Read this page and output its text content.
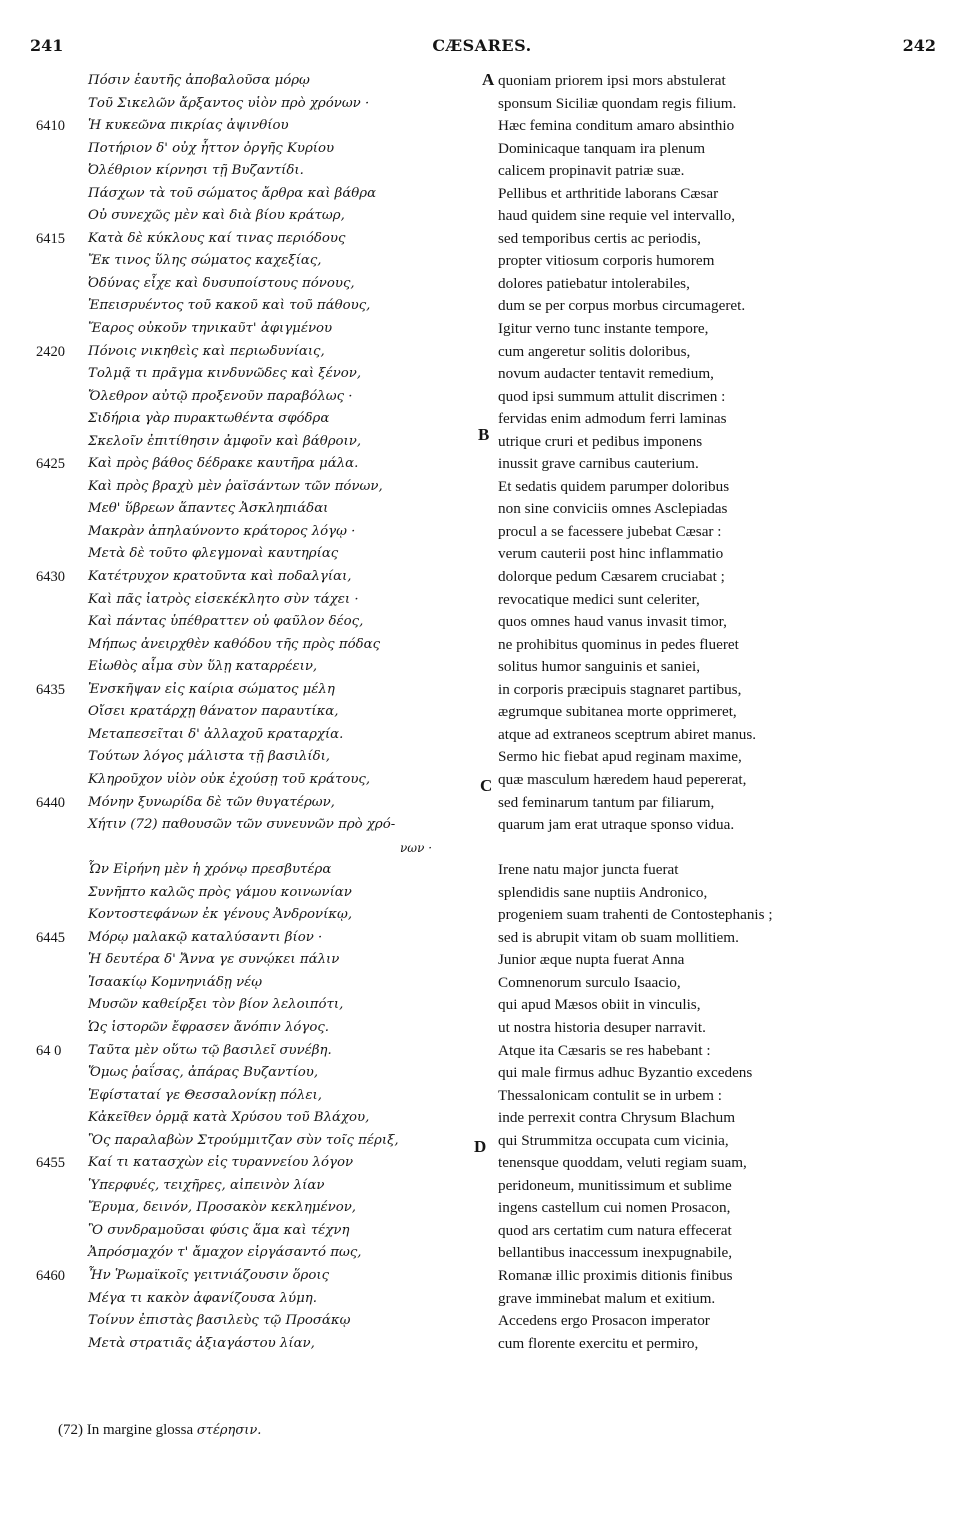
241	CÆSARES.	242
A
B
C
D
Πόσιν ἑαυτῆς ἀποβαλοῦσα μόρῳ
Τοῦ Σικελῶν ἄρξαντος υἱὸν πρὸ χρόνων ·
6410	Ἡ κυκεῶνα πικρίας ἀψινθίου
Ποτήριον δ' οὐχ ἧττον ὀργῆς Κυρίου
Ὀλέθριον κίρνησι τῇ Βυζαντίδι.
Πάσχων τὰ τοῦ σώματος ἄρθρα καὶ βάθρα
Οὐ συνεχῶς μὲν καὶ διὰ βίου κράτωρ,
6415	Κατὰ δὲ κύκλους καί τινας περιόδους
Ἔκ τινος ὕλης σώματος καχεξίας,
Ὀδύνας εἶχε καὶ δυσυποίστους πόνους,
Ἐπεισρυέντος τοῦ κακοῦ καὶ τοῦ πάθους,
Ἔαρος οὐκοῦν τηνικαῦτ' ἀφιγμένου
2420	Πόνοις νικηθεὶς καὶ περιωδυνίαις,
Τολμᾷ τι πρᾶγμα κινδυνῶδες καὶ ξένον,
Ὄλεθρον αὐτῷ προξενοῦν παραβόλως ·
Σιδήρια γὰρ πυρακτωθέντα σφόδρα
Σκελοῖν ἐπιτίθησιν ἀμφοῖν καὶ βάθροιν,
6425	Καὶ πρὸς βάθος δέδρακε καυτῆρα μάλα.
Καὶ πρὸς βραχὺ μὲν ῥαϊσάντων τῶν πόνων,
Μεθ' ὕβρεων ἅπαντες Ἀσκληπιάδαι
Μακρὰν ἀπηλαύνοντο κράτορος λόγῳ ·
Μετὰ δὲ τοῦτο φλεγμοναὶ καυτηρίας
6430	Κατέτρυχον κρατοῦντα καὶ ποδαλγίαι,
Καὶ πᾶς ἰατρὸς εἰσεκέκλητο σὺν τάχει ·
Καὶ πάντας ὑπέθραττεν οὐ φαῦλον δέος,
Μήπως ἀνειρχθὲν καθόδου τῆς πρὸς πόδας
Εἰωθὸς αἷμα σὺν ὕλῃ καταρρέειν,
6435	Ἐνσκῆψαν εἰς καίρια σώματος μέλη
Οἴσει κρατάρχῃ θάνατον παραυτίκα,
Μεταπεσεῖται δ' ἀλλαχοῦ κραταρχία.
Τούτων λόγος μάλιστα τῇ βασιλίδι,
Κληροῦχον υἱὸν οὐκ ἐχούσῃ τοῦ κράτους,
6440	Μόνην ξυνωρίδα δὲ τῶν θυγατέρων,
Χήτιν (72) παθουσῶν τῶν συνευνῶν πρὸ χρό-
νων ·
Ὧν Εἰρήνη μὲν ἡ χρόνῳ πρεσβυτέρα
Συνῆπτο καλῶς πρὸς γάμου κοινωνίαν
Κοντοστεφάνων ἐκ γένους Ἀνδρονίκῳ,
6445	Μόρῳ μαλακῷ καταλύσαντι βίον ·
Ἡ δευτέρα δ' Ἄννα γε συνῴκει πάλιν
Ἰσαακίῳ Κομνηνιάδῃ νέῳ
Μυσῶν καθείρξει τὸν βίον λελοιπότι,
Ὡς ἱστορῶν ἔφρασεν ἄνόπιν λόγος.
64 0	Ταῦτα μὲν οὕτω τῷ βασιλεῖ συνέβη.
Ὅμως ῥαΐσας, ἀπάρας Βυζαντίου,
Ἐφίσταταί γε Θεσσαλονίκῃ πόλει,
Κἀκεῖθεν ὁρμᾷ κατὰ Χρύσου τοῦ Βλάχου,
Ὃς παραλαβὼν Στρούμμιτζαν σὺν τοῖς πέριξ,
6455	Καί τι κατασχὼν εἰς τυραννείου λόγον
Ὑπερφυές, τειχῆρες, αἰπεινὸν λίαν
Ἔρυμα, δεινόν, Προσακὸν κεκλημένον,
Ὃ συνδραμοῦσαι φύσις ἅμα καὶ τέχνη
Ἀπρόσμαχόν τ' ἄμαχον εἰργάσαντό πως,
6460	Ἦν Ῥωμαϊκοῖς γειτνιάζουσιν ὅροις
Μέγα τι κακὸν ἀφανίζουσα λύμη.
Τοίνυν ἐπιστὰς βασιλεὺς τῷ Προσάκῳ
Μετὰ στρατιᾶς ἀξιαγάστου λίαν,
quoniam priorem ipsi mors abstulerat
sponsum Siciliæ quondam regis filium.
Hæc femina conditum amaro absinthio
Dominicaque tanquam ira plenum
calicem propinavit patriæ suæ.
Pellibus et arthritide laborans Cæsar
haud quidem sine requie vel intervallo,
sed temporibus certis ac periodis,
propter vitiosum corporis humorem
dolores patiebatur intolerabiles,
dum se per corpus morbus circumageret.
Igitur verno tunc instante tempore,
cum angeretur solitis doloribus,
novum audacter tentavit remedium,
quod ipsi summum attulit discrimen :
fervidas enim admodum ferri laminas
utrique cruri et pedibus imponens
inussit grave carnibus cauterium.
Et sedatis quidem parumper doloribus
non sine conviciis omnes Asclepiadas
procul a se facessere jubebat Cæsar :
verum cauterii post hinc inflammatio
dolorque pedum Cæsarem cruciabat ;
revocatique medici sunt celeriter,
quos omnes haud vanus invasit timor,
ne prohibitus quominus in pedes flueret
solitus humor sanguinis et saniei,
in corporis præcipuis stagnaret partibus,
ægrumque subitanea morte opprimeret,
atque ad extraneos sceptrum abiret manus.
Sermo hic fiebat apud reginam maxime,
quæ masculum hæredem haud pepererat,
sed feminarum tantum par filiarum,
quarum jam erat utraque sponso vidua.
Irene natu major juncta fuerat
splendidis sane nuptiis Andronico,
progeniem suam trahenti de Contostephanis ;
sed is abrupit vitam ob suam mollitiem.
Junior æque nupta fuerat Anna
Comnenorum surculo Isaacio,
qui apud Mæsos obiit in vinculis,
ut nostra historia desuper narravit.
Atque ita Cæsaris se res habebant :
qui male firmus adhuc Byzantio excedens
Thessalonicam contulit se in urbem :
inde perrexit contra Chrysum Blachum
qui Strummitza occupata cum vicinia,
tenensque quoddam, veluti regiam suam,
peridoneum, munitissimum et sublime
ingens castellum cui nomen Prosacon,
quod ars certatim cum natura effecerat
bellantibus inaccessum inexpugnabile,
Romanæ illic proximis ditionis finibus
grave imminebat malum et exitium.
Accedens ergo Prosacon imperator
cum florente exercitu et permiro,
(72) In margine glossa στέρησιν.
